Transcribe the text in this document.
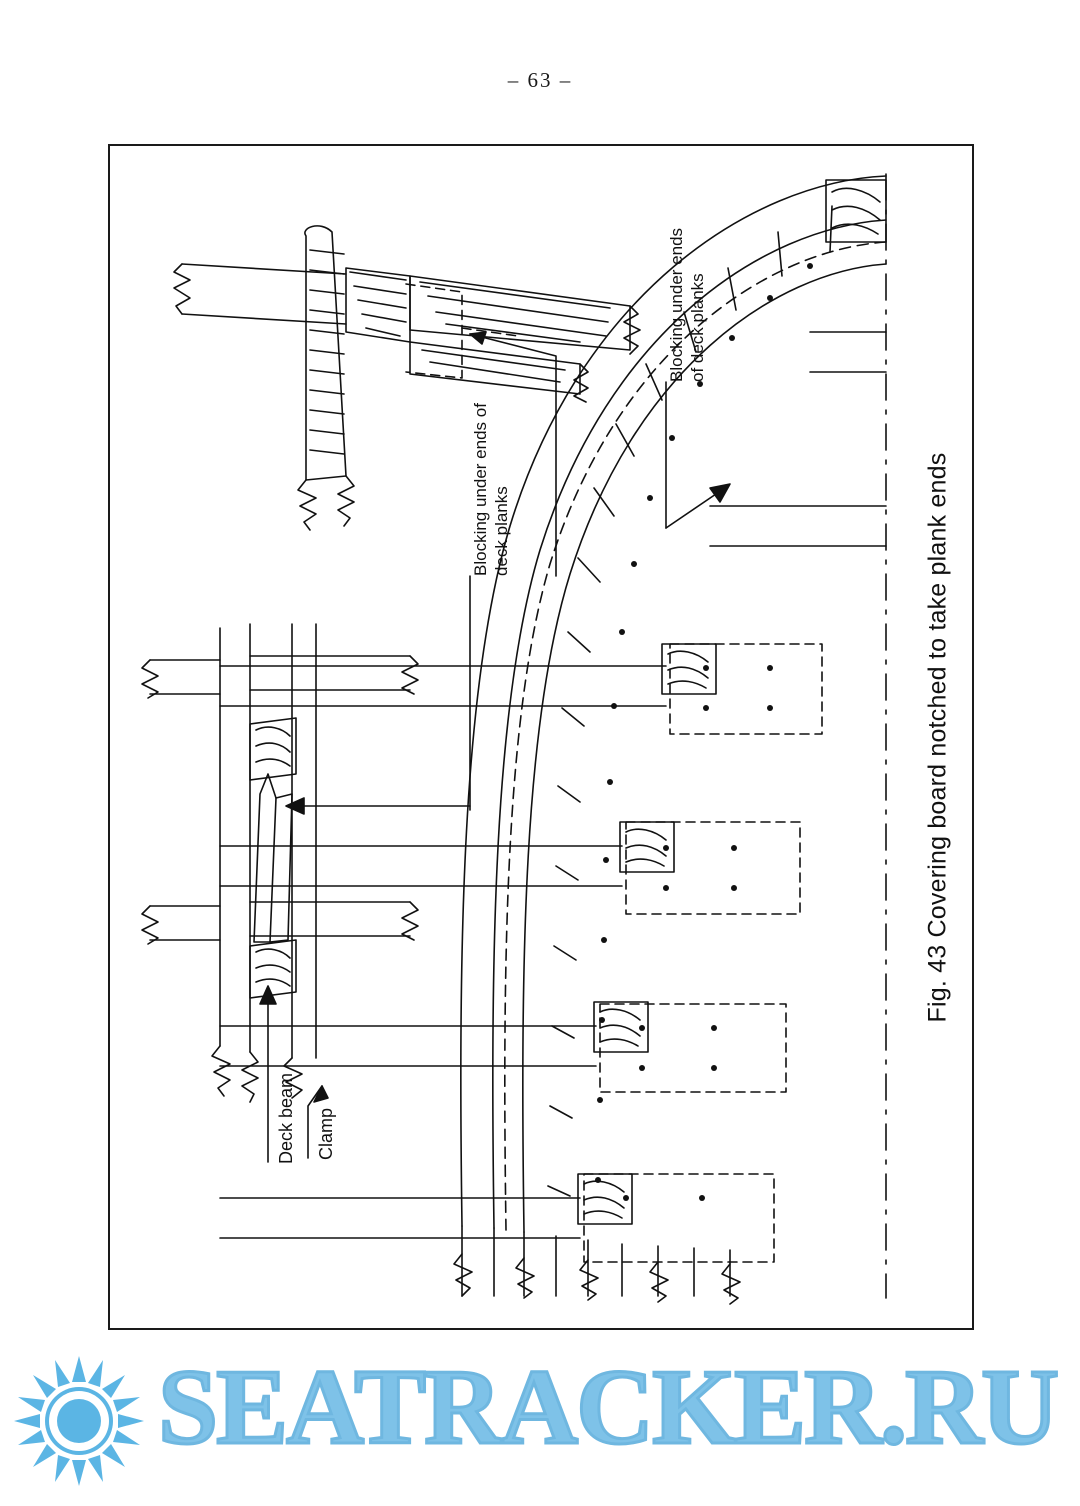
– 63 –
Blocking under ends of deck planks
Blocking under ends of deck planks
Deck beam Clamp
Fig. 43 Covering board notched to take plank ends
SEATRACKER.RU
